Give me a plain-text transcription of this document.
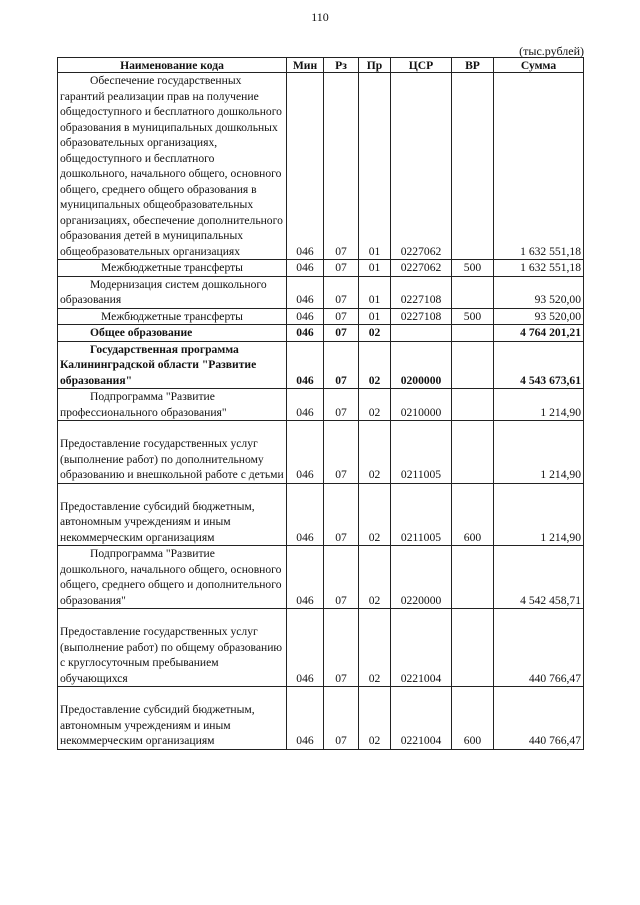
110
(тыс.рублей)
Наименование кода	Мин	Рз	Пр	ЦСР	ВР	Сумма
Обеспечение государственных гарантий реализации прав на получение общедоступного и бесплатного дошкольного образования в муниципальных дошкольных образовательных организациях, общедоступного и бесплатного дошкольного, начального общего, основного общего, среднего общего образования в муниципальных общеобразовательных организациях, обеспечение дополнительного образования детей в муниципальных общеобразовательных организациях	046	07	01	0227062		1 632 551,18
Межбюджетные трансферты	046	07	01	0227062	500	1 632 551,18
Модернизация систем дошкольного образования	046	07	01	0227108		93 520,00
Межбюджетные трансферты	046	07	01	0227108	500	93 520,00
Общее образование	046	07	02			4 764 201,21
Государственная программа Калининградской области "Развитие образования"	046	07	02	0200000		4 543 673,61
Подпрограмма "Развитие профессионального образования"	046	07	02	0210000		1 214,90

Предоставление государственных услуг (выполнение работ) по дополнительному образованию и внешкольной работе с детьми	046	07	02	0211005		1 214,90

Предоставление субсидий бюджетным, автономным учреждениям и иным некоммерческим организациям	046	07	02	0211005	600	1 214,90
Подпрограмма "Развитие дошкольного, начального общего, основного общего, среднего общего и дополнительного образования"	046	07	02	0220000		4 542 458,71

Предоставление государственных услуг (выполнение работ) по общему образованию с круглосуточным пребыванием обучающихся	046	07	02	0221004		440 766,47

Предоставление субсидий бюджетным, автономным учреждениям и иным некоммерческим организациям	046	07	02	0221004	600	440 766,47
